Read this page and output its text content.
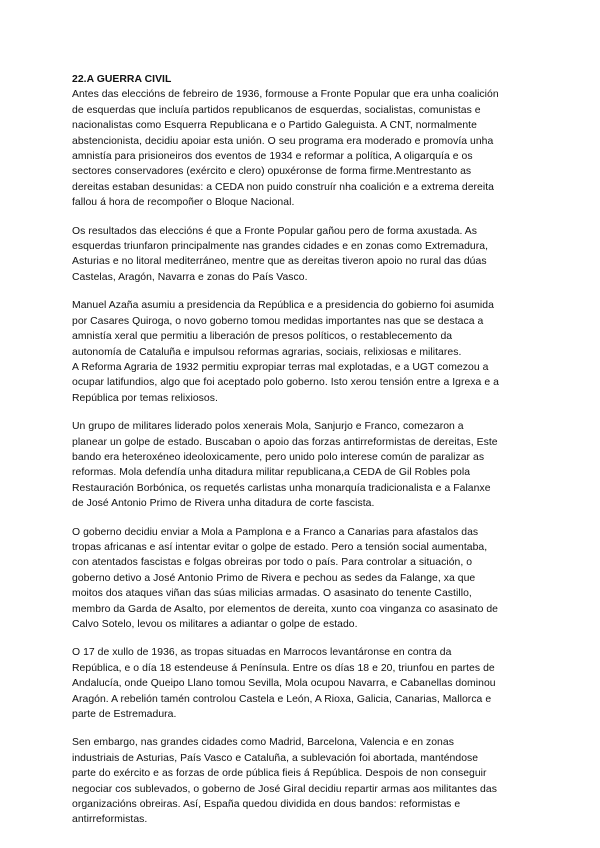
22.A GUERRA CIVIL
Antes das eleccións de febreiro de 1936, formouse a Fronte Popular que era unha coalición
de esquerdas que incluía partidos republicanos de esquerdas, socialistas, comunistas e
nacionalistas como Esquerra Republicana e o Partido Galeguista. A CNT, normalmente
abstencionista, decidiu apoiar esta unión. O seu programa era moderado e promovía unha
amnistía para prisioneiros dos eventos de 1934 e reformar a política, A oligarquía e os
sectores conservadores (exército e clero) opuxéronse de forma firme.Mentrestanto as
dereitas estaban desunidas: a CEDA non puido construír nha coalición e a extrema dereita
fallou á hora de recompoñer o Bloque Nacional.
Os resultados das eleccións é que a Fronte Popular gañou pero de forma axustada. As
esquerdas triunfaron principalmente nas grandes cidades e en zonas como Extremadura,
Asturias e no litoral mediterráneo, mentre que as dereitas tiveron apoio no rural das dúas
Castelas, Aragón, Navarra e zonas do País Vasco.
Manuel Azaña asumiu a presidencia da República e a presidencia do gobierno foi asumida
por Casares Quiroga, o novo goberno tomou medidas importantes nas que se destaca a
amnistía xeral que permitiu a liberación de presos políticos, o restablecemento da
autonomía de Cataluña e impulsou reformas agrarias, sociais, relixiosas e militares.
A Reforma Agraria de 1932 permitiu expropiar terras mal explotadas, e a UGT comezou a
ocupar latifundios, algo que foi aceptado polo goberno. Isto xerou tensión entre a Igrexa e a
República por temas relixiosos.
Un grupo de militares liderado polos xenerais Mola, Sanjurjo e Franco, comezaron a
planear un golpe de estado. Buscaban o apoio das forzas antirreformistas de dereitas, Este
bando era heteroxéneo ideoloxicamente, pero unido polo interese común de paralizar as
reformas. Mola defendía unha ditadura militar republicana,a CEDA de Gil Robles pola
Restauración Borbónica, os requetés carlistas unha monarquía tradicionalista e a Falanxe
de José Antonio Primo de Rivera unha ditadura de corte fascista.
O goberno decidiu enviar a Mola a Pamplona e a Franco a Canarias para afastalos das
tropas africanas e así intentar evitar o golpe de estado. Pero a tensión social aumentaba,
con atentados fascistas e folgas obreiras por todo o país. Para controlar a situación, o
goberno detivo a José Antonio Primo de Rivera e pechou as sedes da Falange, xa que
moitos dos ataques viñan das súas milicias armadas. O asasinato do tenente Castillo,
membro da Garda de Asalto, por elementos de dereita, xunto coa vinganza co asasinato de
Calvo Sotelo, levou os militares a adiantar o golpe de estado.
O 17 de xullo de 1936, as tropas situadas en Marrocos levantáronse en contra da
República, e o día 18 estendeuse á Península. Entre os días 18 e 20, triunfou en partes de
Andalucía, onde Queipo Llano tomou Sevilla, Mola ocupou Navarra, e Cabanellas dominou
Aragón. A rebelión tamén controlou Castela e León, A Rioxa, Galicia, Canarias, Mallorca e
parte de Estremadura.
Sen embargo, nas grandes cidades como Madrid, Barcelona, Valencia e en zonas
industriais de Asturias, País Vasco e Cataluña, a sublevación foi abortada, manténdose
parte do exército e as forzas de orde pública fieis á República. Despois de non conseguir
negociar cos sublevados, o goberno de José Giral decidiu repartir armas aos militantes das
organizacións obreiras. Así, España quedou dividida en dous bandos: reformistas e
antirreformistas.
